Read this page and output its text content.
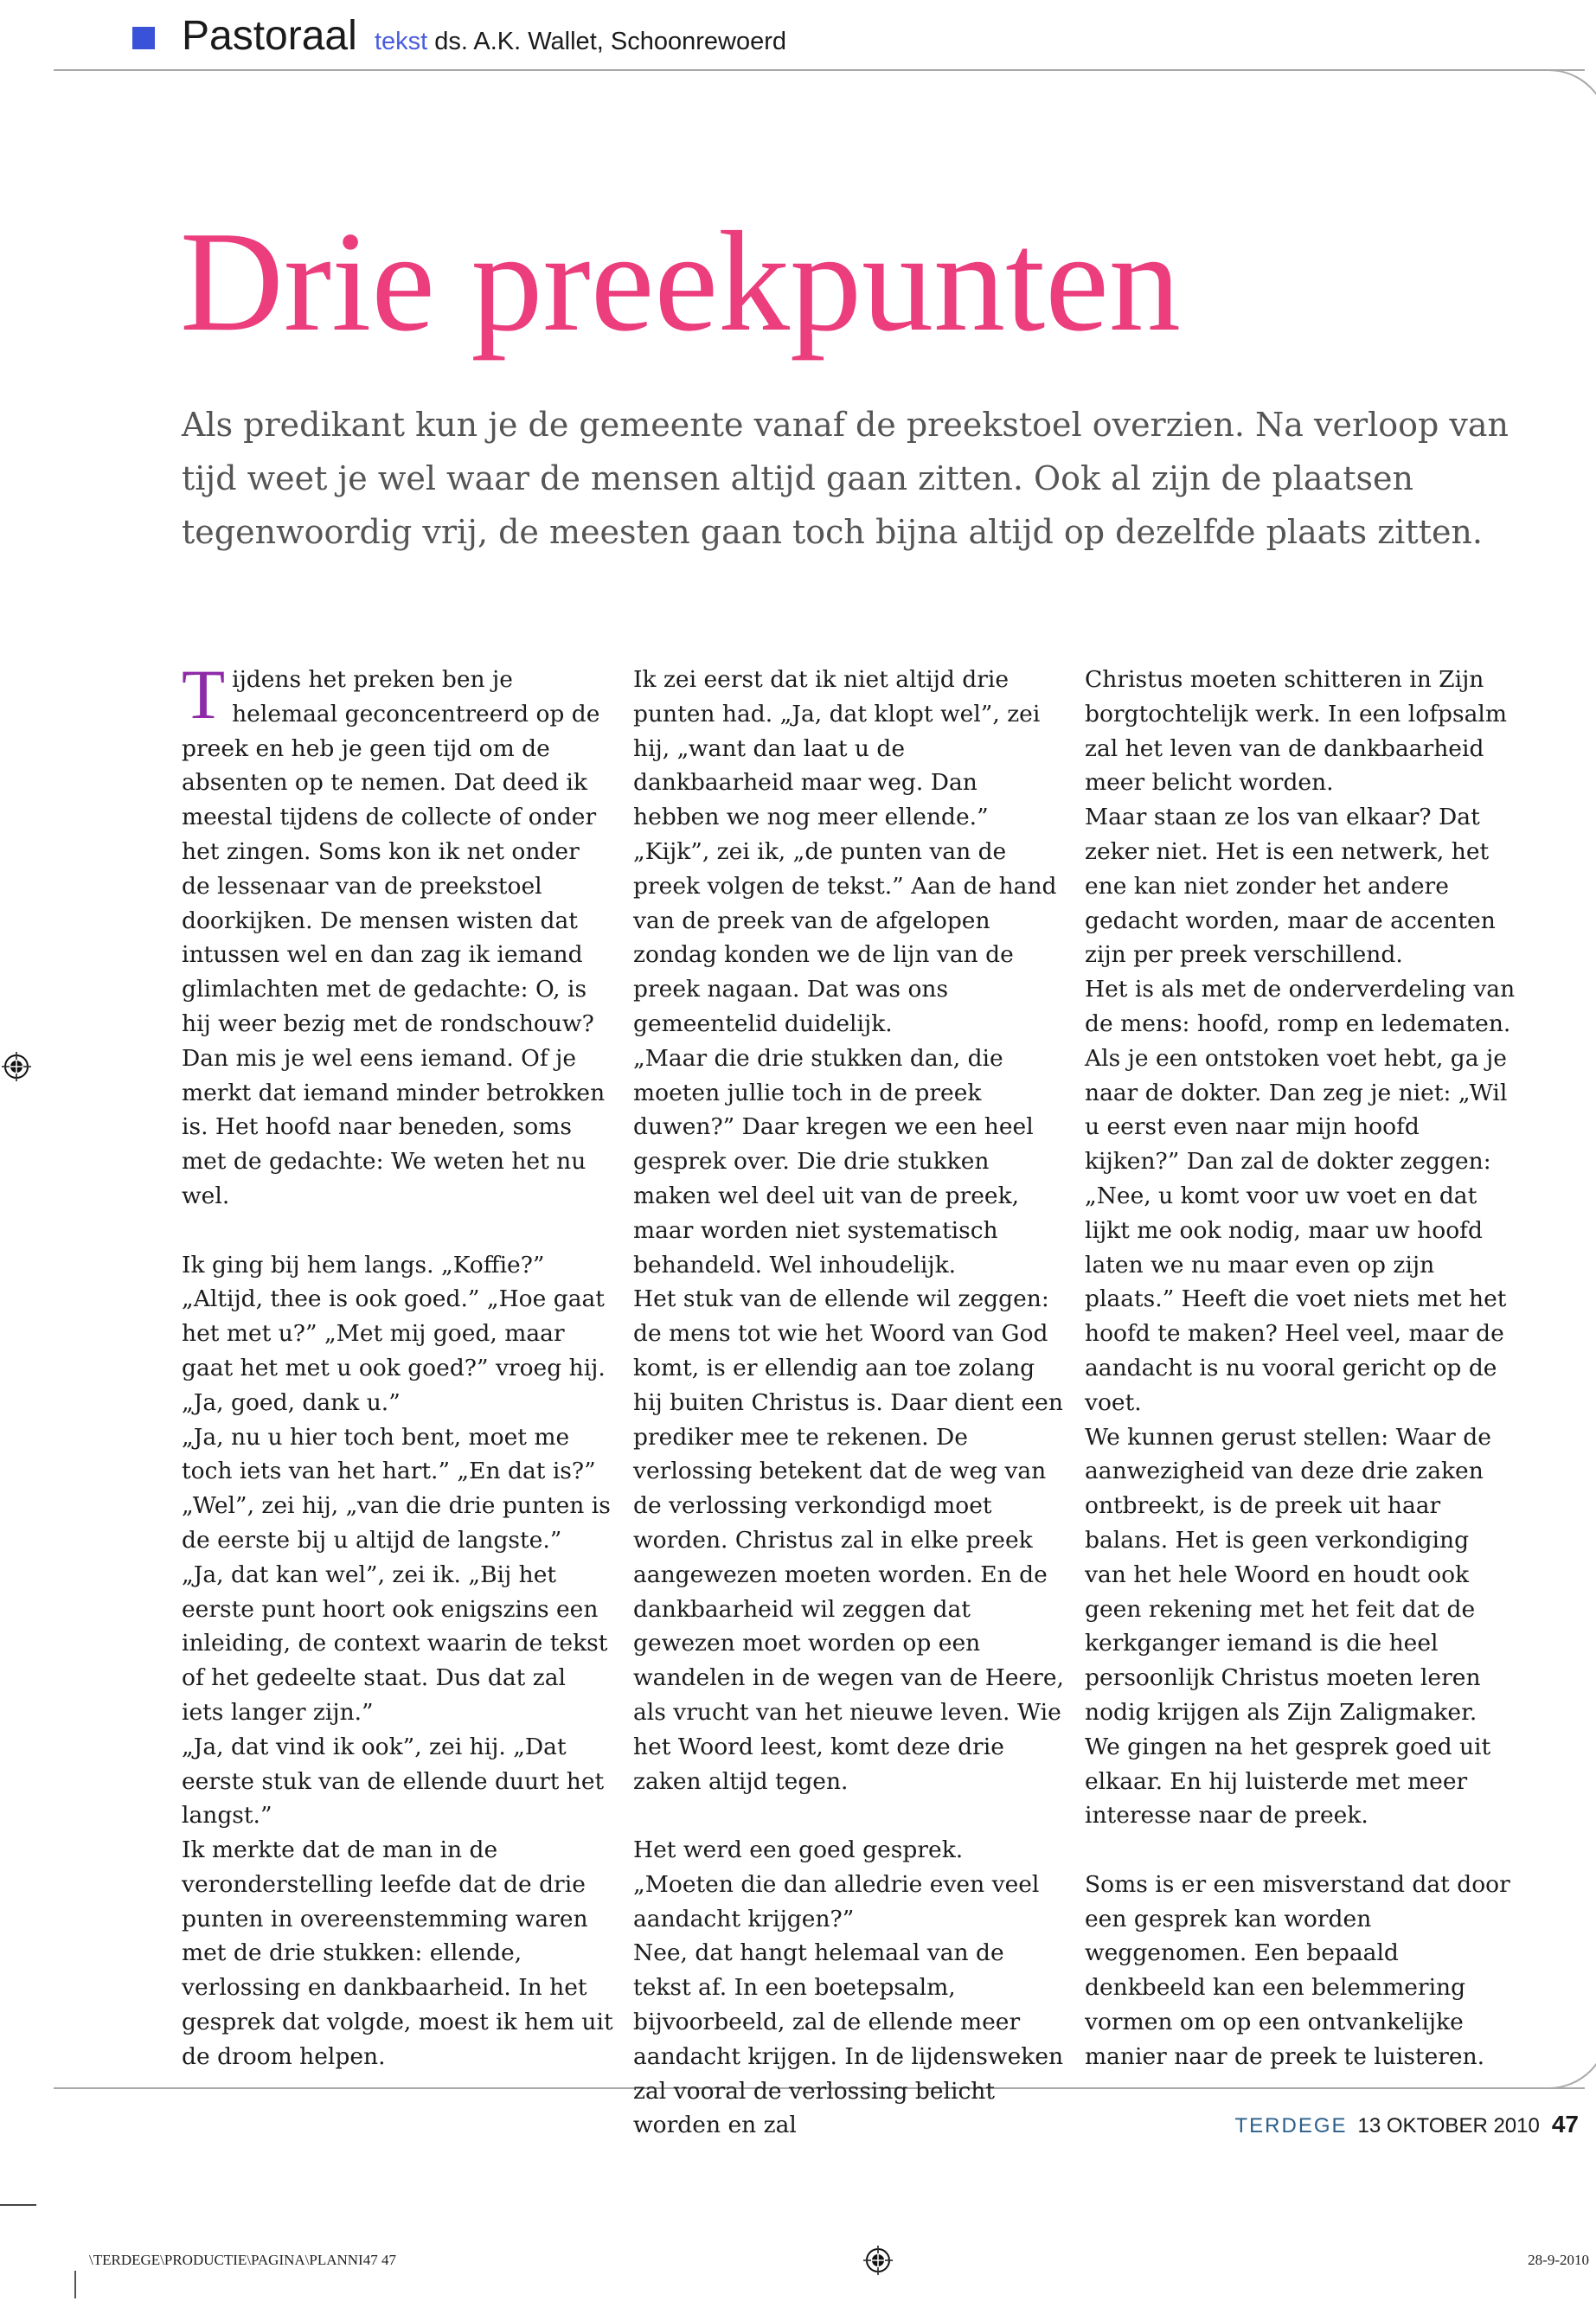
Pastoraal tekst ds. A.K. Wallet, Schoonrewoerd
Drie preekpunten
Als predikant kun je de gemeente vanaf de preekstoel overzien. Na verloop van tijd weet je wel waar de mensen altijd gaan zitten. Ook al zijn de plaatsen tegenwoordig vrij, de meesten gaan toch bijna altijd op dezelfde plaats zitten.

Tijdens het preken ben je helemaal geconcentreerd op de preek en heb je geen tijd om de absenten op te nemen. Dat deed ik meestal tijdens de collecte of onder het zingen. Soms kon ik net onder de lessenaar van de preekstoel doorkijken. De mensen wisten dat intussen wel en dan zag ik iemand glimlachten met de gedachte: O, is hij weer bezig met de rondschouw?

Dan mis je wel eens iemand. Of je merkt dat iemand minder betrokken is. Het hoofd naar beneden, soms met de gedachte: We weten het nu wel.

Ik ging bij hem langs. „Koffie?” „Altijd, thee is ook goed.” „Hoe gaat het met u?” „Met mij goed, maar gaat het met u ook goed?” vroeg hij. „Ja, goed, dank u.”

„Ja, nu u hier toch bent, moet me toch iets van het hart.” „En dat is?”

„Wel”, zei hij, „van die drie punten is de eerste bij u altijd de langste.”

„Ja, dat kan wel”, zei ik. „Bij het eerste punt hoort ook enigszins een inleiding, de context waarin de tekst of het gedeelte staat. Dus dat zal iets langer zijn.”

„Ja, dat vind ik ook”, zei hij. „Dat eerste stuk van de ellende duurt het langst.”

Ik merkte dat de man in de veronderstelling leefde dat de drie punten in overeenstemming waren met de drie stukken: ellende, verlossing en dankbaarheid. In het gesprek dat volgde, moest ik hem uit de droom helpen.

Ik zei eerst dat ik niet altijd drie punten had. „Ja, dat klopt wel”, zei hij, „want dan laat u de dankbaarheid maar weg. Dan hebben we nog meer ellende.”

„Kijk”, zei ik, „de punten van de preek volgen de tekst.” Aan de hand van de preek van de afgelopen zondag konden we de lijn van de preek nagaan. Dat was ons gemeentelid duidelijk.

„Maar die drie stukken dan, die moeten jullie toch in de preek duwen?” Daar kregen we een heel gesprek over. Die drie stukken maken wel deel uit van de preek, maar worden niet systematisch behandeld. Wel inhoudelijk.

Het stuk van de ellende wil zeggen: de mens tot wie het Woord van God komt, is er ellendig aan toe zolang hij buiten Christus is. Daar dient een prediker mee te rekenen. De verlossing betekent dat de weg van de verlossing verkondigd moet worden. Christus zal in elke preek aangewezen moeten worden. En de dankbaarheid wil zeggen dat gewezen moet worden op een wandelen in de wegen van de Heere, als vrucht van het nieuwe leven. Wie het Woord leest, komt deze drie zaken altijd tegen.

Het werd een goed gesprek. „Moeten die dan alledrie even veel aandacht krijgen?”

Nee, dat hangt helemaal van de tekst af. In een boetepsalm, bijvoorbeeld, zal de ellende meer aandacht krijgen. In de lijdensweken zal vooral de verlossing belicht worden en zal

Christus moeten schitteren in Zijn borgtochtelijk werk. In een lofpsalm zal het leven van de dankbaarheid meer belicht worden.

Maar staan ze los van elkaar? Dat zeker niet. Het is een netwerk, het ene kan niet zonder het andere gedacht worden, maar de accenten zijn per preek verschillend.

Het is als met de onderverdeling van de mens: hoofd, romp en ledematen. Als je een ontstoken voet hebt, ga je naar de dokter. Dan zeg je niet: „Wil u eerst even naar mijn hoofd kijken?” Dan zal de dokter zeggen: „Nee, u komt voor uw voet en dat lijkt me ook nodig, maar uw hoofd laten we nu maar even op zijn plaats.” Heeft die voet niets met het hoofd te maken? Heel veel, maar de aandacht is nu vooral gericht op de voet.

We kunnen gerust stellen: Waar de aanwezigheid van deze drie zaken ontbreekt, is de preek uit haar balans. Het is geen verkondiging van het hele Woord en houdt ook geen rekening met het feit dat de kerkganger iemand is die heel persoonlijk Christus moeten leren nodig krijgen als Zijn Zaligmaker.

We gingen na het gesprek goed uit elkaar. En hij luisterde met meer interesse naar de preek.

Soms is er een misverstand dat door een gesprek kan worden weggenomen. Een bepaald denkbeeld kan een belemmering vormen om op een ontvankelijke manier naar de preek te luisteren.

TERDEGE 13 OKTOBER 2010 47
\TERDEGE\PRODUCTIE\PAGINA\PLANNI47 47	28-9-2010
